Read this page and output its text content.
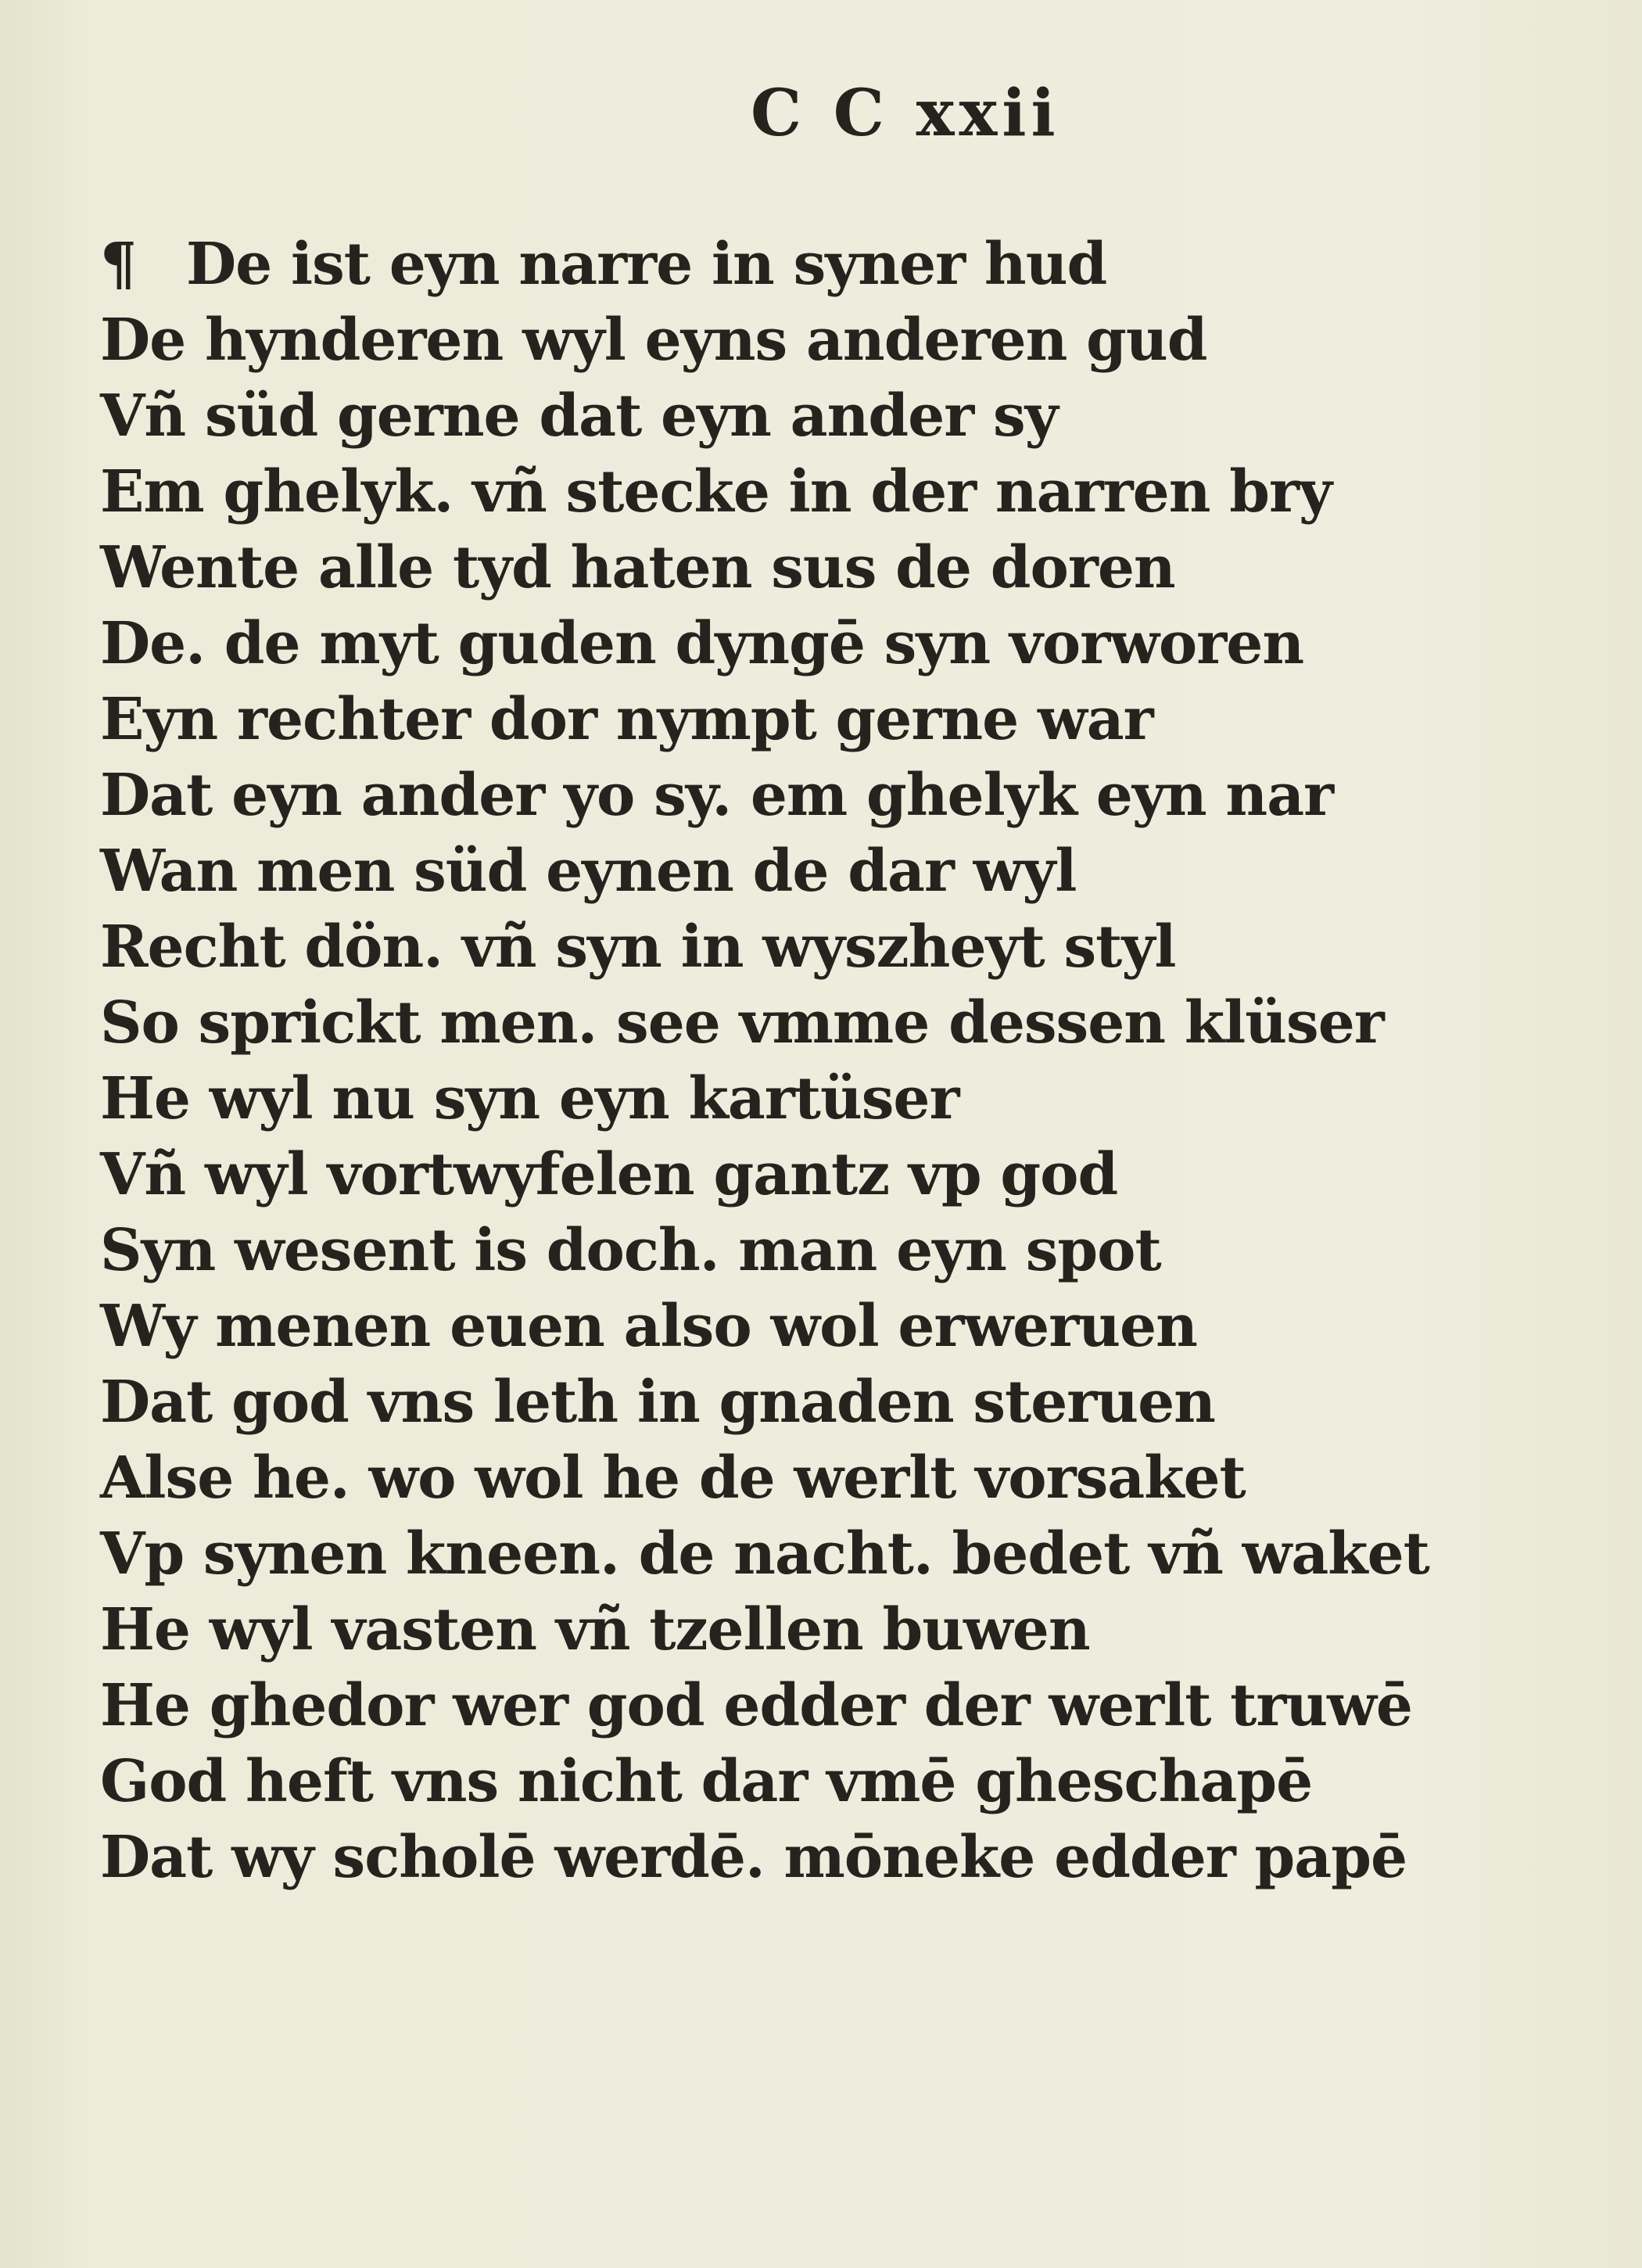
C C xxii
¶ De ist eyn narre in syner hud
De hynderen wyl eyns anderen gud
Vñ süd gerne dat eyn ander sy
Em ghelyk. vñ stecke in der narren bry
Wente alle tyd haten sus de doren
De. de myt guden dyngē syn vorworen
Eyn rechter dor nympt gerne war
Dat eyn ander yo sy. em ghelyk eyn nar
Wan men süd eynen de dar wyl
Recht dön. vñ syn in wyszheyt styl
So sprickt men. see vmme dessen klüser
He wyl nu syn eyn kartüser
Vñ wyl vortwyfelen gantz vp god
Syn wesent is doch. man eyn spot
Wy menen euen also wol erweruen
Dat god vns leth in gnaden steruen
Alse he. wo wol he de werlt vorsaket
Vp synen kneen. de nacht. bedet vñ waket
He wyl vasten vñ tzellen buwen
He ghedor wer god edder der werlt truwē
God heft vns nicht dar vmē gheschapē
Dat wy scholē werdē. mōneke edder papē
